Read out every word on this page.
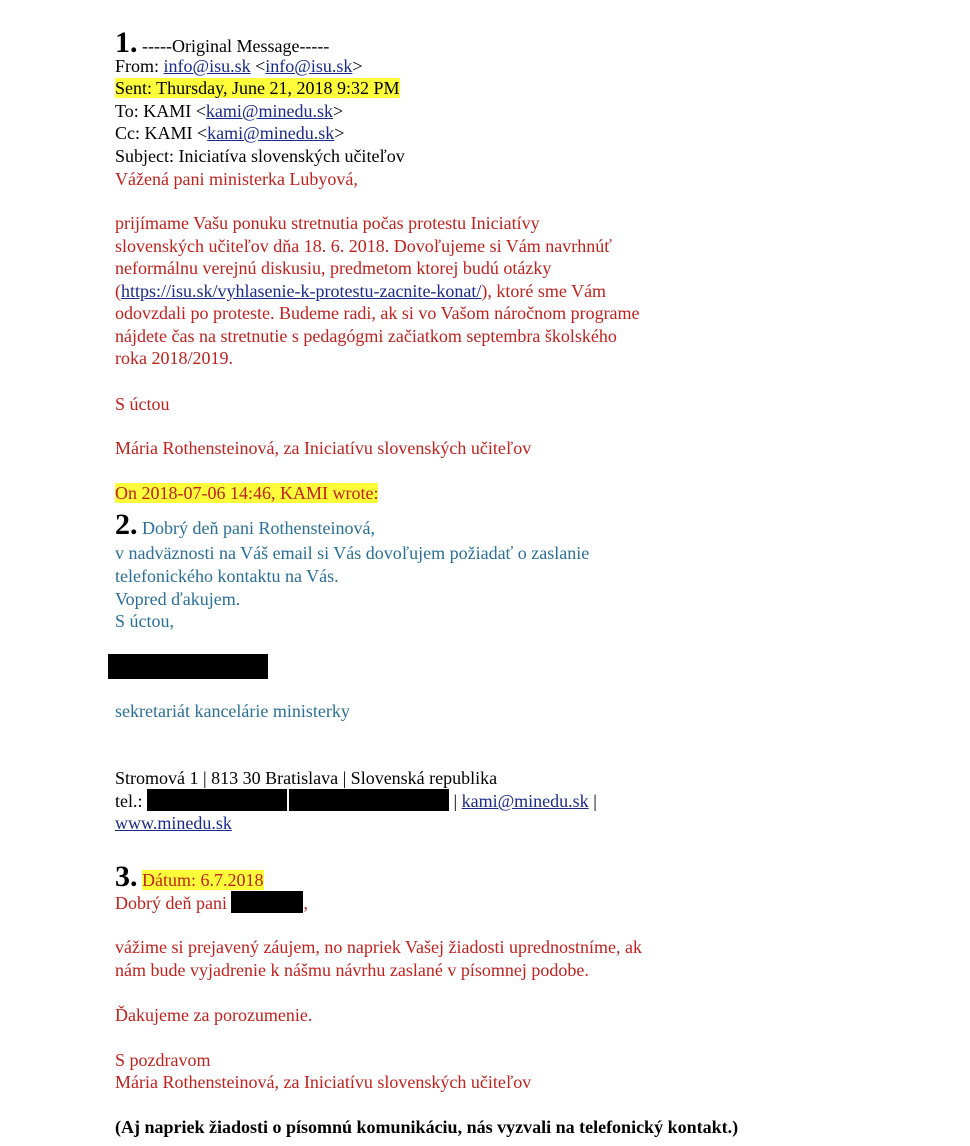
1. -----Original Message-----
From: info@isu.sk <info@isu.sk>
Sent: Thursday, June 21, 2018 9:32 PM
To: KAMI <kami@minedu.sk>
Cc: KAMI <kami@minedu.sk>
Subject: Iniciatíva slovenských učiteľov
Vážená pani ministerka Lubyová,
prijímame Vašu ponuku stretnutia počas protestu Iniciatívy
slovenských učiteľov dňa 18. 6. 2018. Dovoľujeme si Vám navrhnúť
neformálnu verejnú diskusiu, predmetom ktorej budú otázky
(https://isu.sk/vyhlasenie-k-protestu-zacnite-konat/), ktoré sme Vám
odovzdali po proteste. Budeme radi, ak si vo Vašom náročnom programe
nájdete čas na stretnutie s pedagógmi začiatkom septembra školského
roka 2018/2019.
S úctou
Mária Rothensteinová, za Iniciatívu slovenských učiteľov
On 2018-07-06 14:46, KAMI wrote:
2. Dobrý deň pani Rothensteinová,
v nadväznosti na Váš email si Vás dovoľujem požiadať o zaslanie
telefonického kontaktu na Vás.
Vopred ďakujem.
S úctou,
sekretariát kancelárie ministerky
Stromová 1 | 813 30 Bratislava | Slovenská republika
tel.:	| kami@minedu.sk |
www.minedu.sk
3. Dátum: 6.7.2018
Dobrý deň pani	,
vážime si prejavený záujem, no napriek Vašej žiadosti uprednostníme, ak
nám bude vyjadrenie k nášmu návrhu zaslané v písomnej podobe.
Ďakujeme za porozumenie.
S pozdravom
Mária Rothensteinová, za Iniciatívu slovenských učiteľov
(Aj napriek žiadosti o písomnú komunikáciu, nás vyzvali na telefonický kontakt.)
